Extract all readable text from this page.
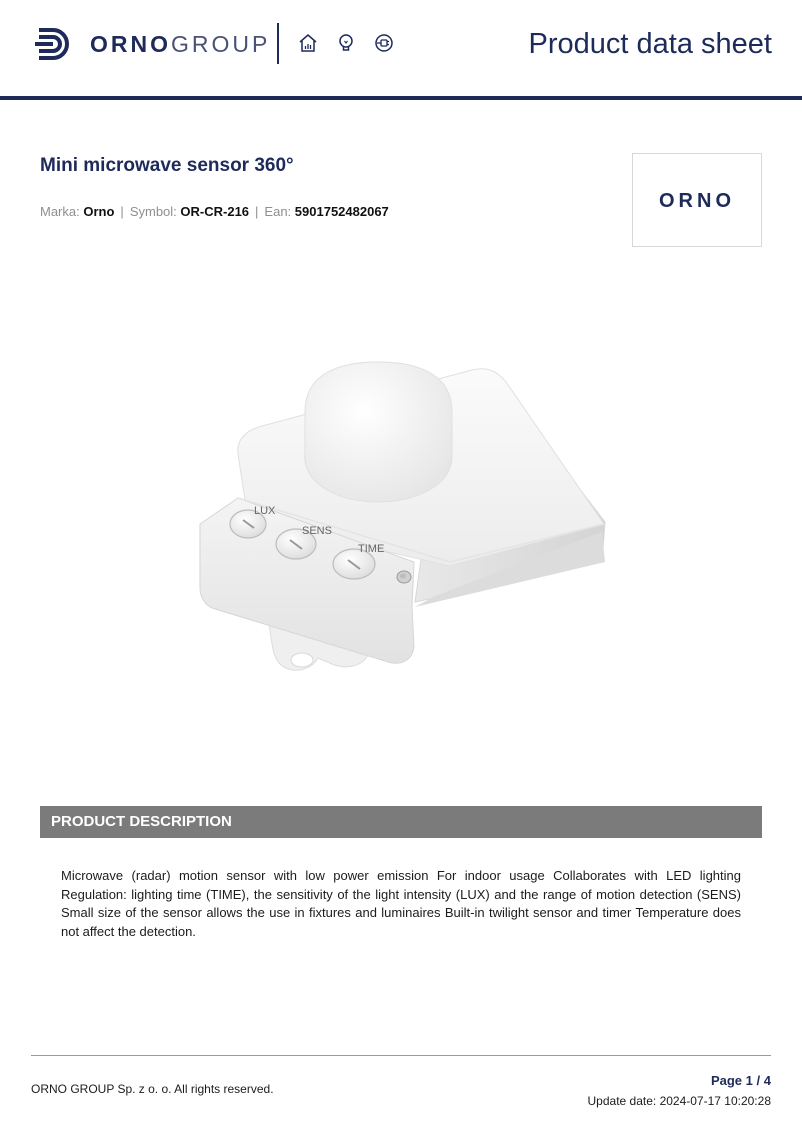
ORNOGROUP	Product data sheet
Mini microwave sensor 360°
Marka: Orno | Symbol: OR-CR-216 | Ean: 5901752482067	ORNO
LUX
SENS
TIME
PRODUCT DESCRIPTION
Microwave (radar) motion sensor with low power emission For indoor usage Collaborates with LED lighting Regulation: lighting time (TIME), the sensitivity of the light intensity (LUX) and the range of motion detection (SENS) Small size of the sensor allows the use in fixtures and luminaires Built-in twilight sensor and timer Temperature does not affect the detection.
ORNO GROUP Sp. z o. o. All rights reserved.
Page 1 / 4
Update date: 2024-07-17 10:20:28
